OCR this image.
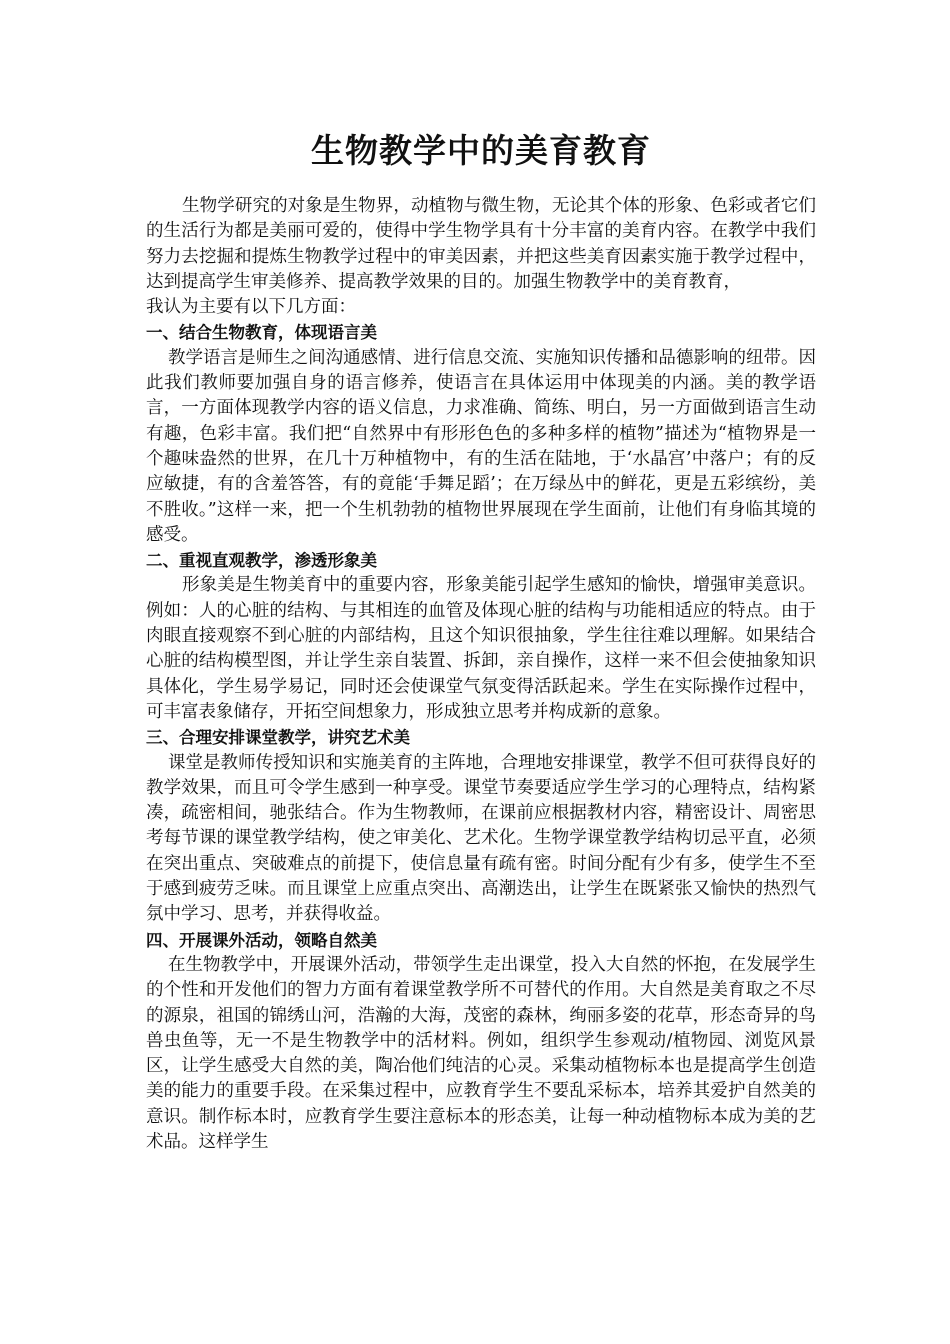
生物教学中的美育教育

生物学研究的对象是生物界，动植物与微生物，无论其个体的形象、色彩或者它们的生活行为都是美丽可爱的，使得中学生物学具有十分丰富的美育内容。在教学中我们努力去挖掘和提炼生物教学过程中的审美因素，并把这些美育因素实施于教学过程中，达到提高学生审美修养、提高教学效果的目的。加强生物教学中的美育教育，

我认为主要有以下几方面：

一、结合生物教育，体现语言美

教学语言是师生之间沟通感情、进行信息交流、实施知识传播和品德影响的纽带。因此我们教师要加强自身的语言修养，使语言在具体运用中体现美的内涵。美的教学语言，一方面体现教学内容的语义信息，力求准确、简练、明白，另一方面做到语言生动有趣，色彩丰富。我们把“自然界中有形形色色的多种多样的植物”描述为“植物界是一个趣味盎然的世界，在几十万种植物中，有的生活在陆地，于‘水晶宫’中落户；有的反应敏捷，有的含羞答答，有的竟能‘手舞足蹈’；在万绿丛中的鲜花，更是五彩缤纷，美不胜收。”这样一来，把一个生机勃勃的植物世界展现在学生面前，让他们有身临其境的感受。

二、重视直观教学，渗透形象美

形象美是生物美育中的重要内容，形象美能引起学生感知的愉快，增强审美意识。例如：人的心脏的结构、与其相连的血管及体现心脏的结构与功能相适应的特点。由于肉眼直接观察不到心脏的内部结构，且这个知识很抽象，学生往往难以理解。如果结合心脏的结构模型图，并让学生亲自装置、拆卸，亲自操作，这样一来不但会使抽象知识具体化，学生易学易记，同时还会使课堂气氛变得活跃起来。学生在实际操作过程中，可丰富表象储存，开拓空间想象力，形成独立思考并构成新的意象。

三、合理安排课堂教学，讲究艺术美

课堂是教师传授知识和实施美育的主阵地，合理地安排课堂，教学不但可获得良好的教学效果，而且可令学生感到一种享受。课堂节奏要适应学生学习的心理特点，结构紧凑，疏密相间，驰张结合。作为生物教师，在课前应根据教材内容，精密设计、周密思考每节课的课堂教学结构，使之审美化、艺术化。生物学课堂教学结构切忌平直，必须在突出重点、突破难点的前提下，使信息量有疏有密。时间分配有少有多，使学生不至于感到疲劳乏味。而且课堂上应重点突出、高潮迭出，让学生在既紧张又愉快的热烈气氛中学习、思考，并获得收益。

四、开展课外活动，领略自然美

在生物教学中，开展课外活动，带领学生走出课堂，投入大自然的怀抱，在发展学生的个性和开发他们的智力方面有着课堂教学所不可替代的作用。大自然是美育取之不尽的源泉，祖国的锦绣山河，浩瀚的大海，茂密的森林，绚丽多姿的花草，形态奇异的鸟兽虫鱼等，无一不是生物教学中的活材料。例如，组织学生参观动/植物园、浏览风景区，让学生感受大自然的美，陶冶他们纯洁的心灵。采集动植物标本也是提高学生创造美的能力的重要手段。在采集过程中，应教育学生不要乱采标本，培养其爱护自然美的意识。制作标本时，应教育学生要注意标本的形态美，让每一种动植物标本成为美的艺术品。这样学生
